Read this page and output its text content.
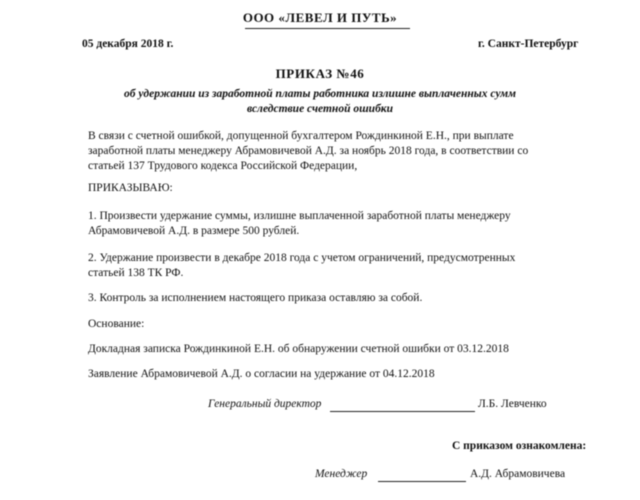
ООО «ЛЕВЕЛ И ПУТЬ»
05 декабря 2018 г.	г. Санкт-Петербург
ПРИКАЗ №46
об удержании из заработной платы работника излишне выплаченных сумм
вследствие счетной ошибки
В связи с счетной ошибкой, допущенной бухгалтером Рождинкиной Е.Н., при выплате
заработной платы менеджеру Абрамовичевой А.Д. за ноябрь 2018 года, в соответствии со
статьей 137 Трудового кодекса Российской Федерации,
ПРИКАЗЫВАЮ:
1. Произвести удержание суммы, излишне выплаченной заработной платы менеджеру
Абрамовичевой А.Д. в размере 500 рублей.
2. Удержание произвести в декабре 2018 года с учетом ограничений, предусмотренных
статьей 138 ТК РФ.
3. Контроль за исполнением настоящего приказа оставляю за собой.
Основание:
Докладная записка Рождинкиной Е.Н. об обнаружении счетной ошибки от 03.12.2018
Заявление Абрамовичевой А.Д. о согласии на удержание от 04.12.2018
Генеральный директор	Л.Б. Левченко
С приказом ознакомлена:
Менеджер	А.Д. Абрамовичева
